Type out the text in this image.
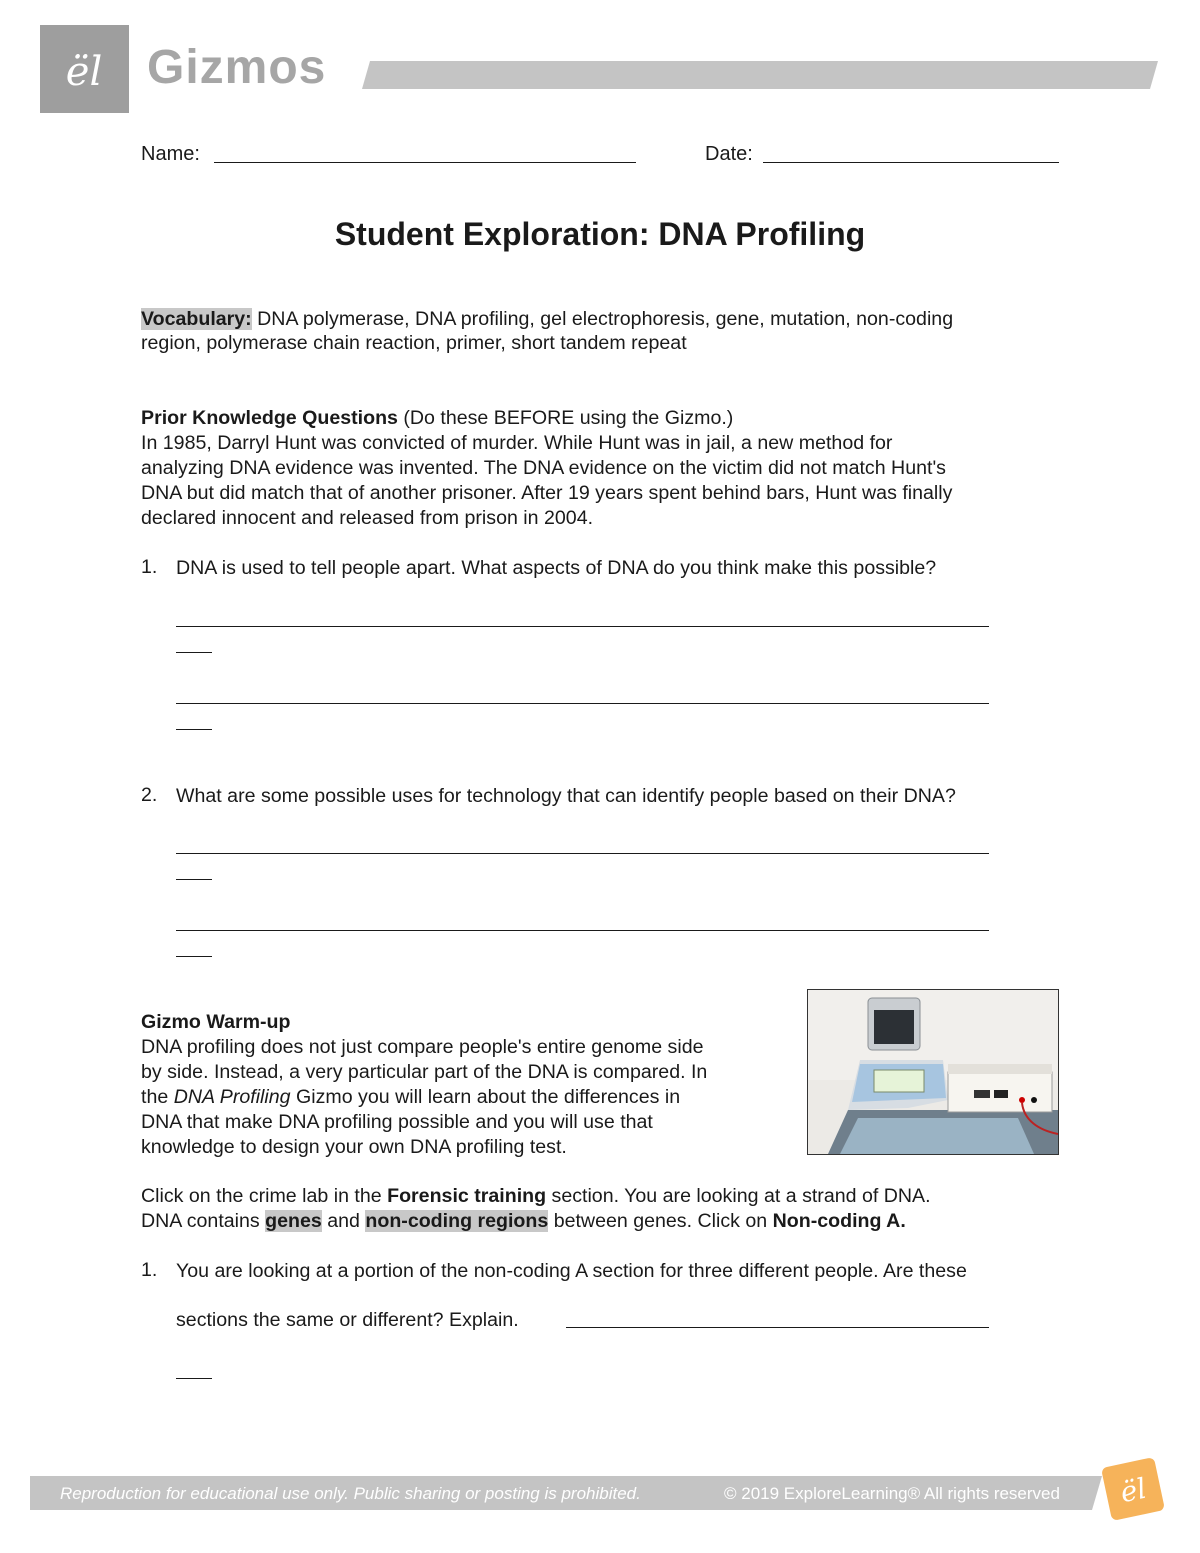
ël Gizmos
Name:	Date:
Student Exploration: DNA Profiling
Vocabulary: DNA polymerase, DNA profiling, gel electrophoresis, gene, mutation, non-coding
region, polymerase chain reaction, primer, short tandem repeat
Prior Knowledge Questions (Do these BEFORE using the Gizmo.)
In 1985, Darryl Hunt was convicted of murder. While Hunt was in jail, a new method for
analyzing DNA evidence was invented. The DNA evidence on the victim did not match Hunt's
DNA but did match that of another prisoner. After 19 years spent behind bars, Hunt was finally
declared innocent and released from prison in 2004.
1. DNA is used to tell people apart. What aspects of DNA do you think make this possible?
2. What are some possible uses for technology that can identify people based on their DNA?
Gizmo Warm-up
DNA profiling does not just compare people's entire genome side
by side. Instead, a very particular part of the DNA is compared. In
the DNA Profiling Gizmo you will learn about the differences in
DNA that make DNA profiling possible and you will use that
knowledge to design your own DNA profiling test.
Click on the crime lab in the Forensic training section. You are looking at a strand of DNA.
DNA contains genes and non-coding regions between genes. Click on Non-coding A.
1. You are looking at a portion of the non-coding A section for three different people. Are these
sections the same or different? Explain.
Reproduction for educational use only. Public sharing or posting is prohibited.	© 2019 ExploreLearning® All rights reserved ël
